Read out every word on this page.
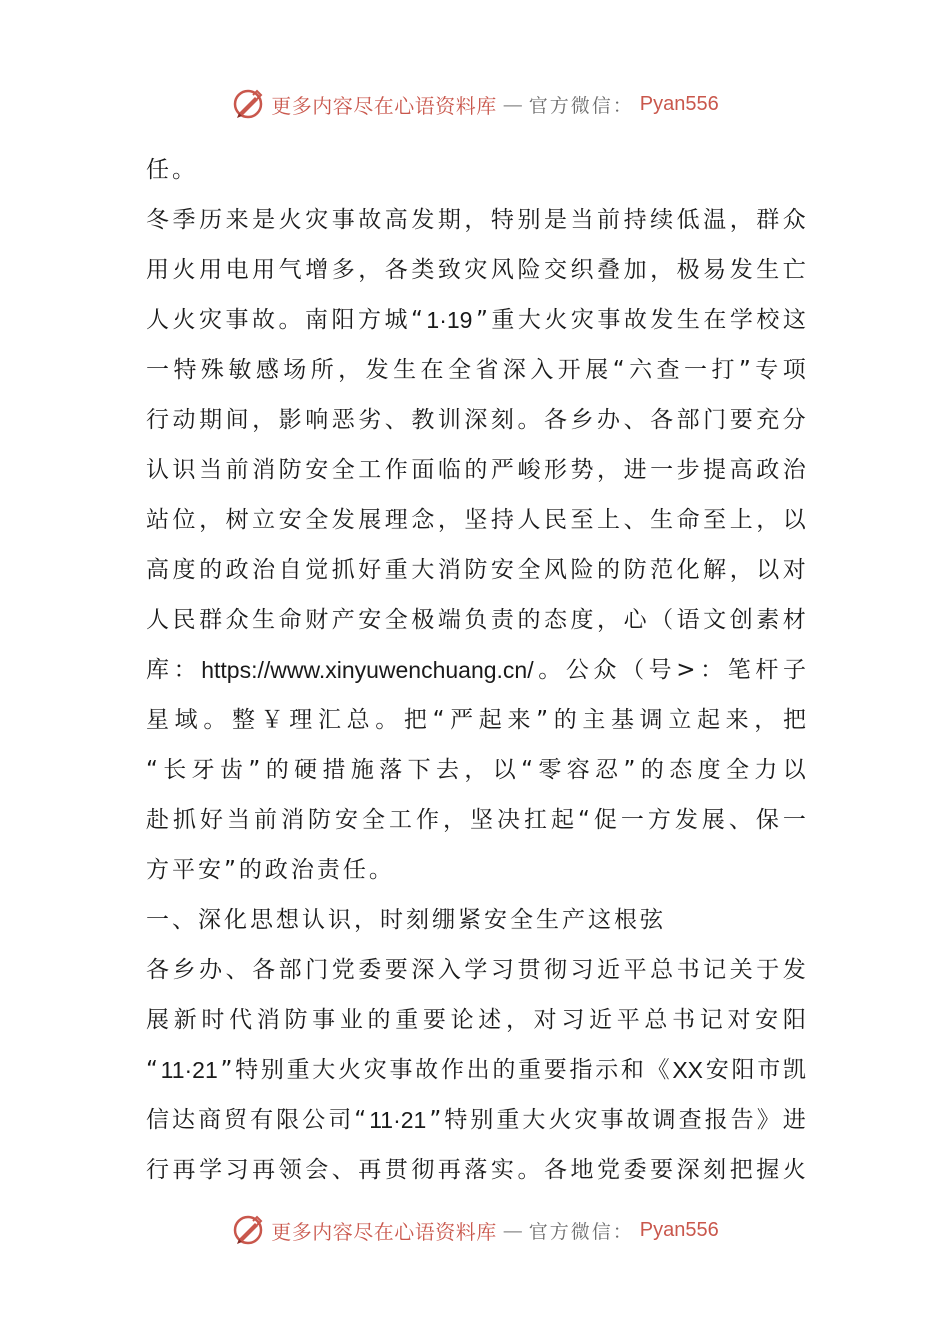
更多内容尽在心语资料库 — 官方微信： Pyan556
任。
冬 季 历 来 是 火 灾 事 故 高 发 期 ， 特 别 是 当 前 持 续 低 温 ， 群 众
用 火 用 电 用 气 增 多 ， 各 类 致 灾 风 险 交 织 叠 加 ， 极 易 发 生 亡
人 火 灾 事 故 。 南 阳 方 城 “ 1·19 ” 重 大 火 灾 事 故 发 生 在 学 校 这
一 特 殊 敏 感 场 所 ， 发 生 在 全 省 深 入 开 展 “ 六 查 一 打 ” 专 项
行 动 期 间 ， 影 响 恶 劣 、 教 训 深 刻 。 各 乡 办 、 各 部 门 要 充 分
认 识 当 前 消 防 安 全 工 作 面 临 的 严 峻 形 势 ， 进 一 步 提 高 政 治
站 位 ， 树 立 安 全 发 展 理 念 ， 坚 持 人 民 至 上 、 生 命 至 上 ， 以
高 度 的 政 治 自 觉 抓 好 重 大 消 防 安 全 风 险 的 防 范 化 解 ， 以 对
人 民 群 众 生 命 财 产 安 全 极 端 负 责 的 态 度 ， 心 （ 语 文 创 素 材
库 ： https://www.xinyuwenchuang.cn/ 。 公 众 （ 号 > ： 笔 杆 子
星 域 。 整 ￥ 理 汇 总 。 把 “ 严 起 来 ” 的 主 基 调 立 起 来 ， 把
“ 长 牙 齿 ” 的 硬 措 施 落 下 去 ， 以 “ 零 容 忍 ” 的 态 度 全 力 以
赴 抓 好 当 前 消 防 安 全 工 作 ， 坚 决 扛 起 “ 促 一 方 发 展 、 保 一
方平安”的政治责任。
一、深化思想认识，时刻绷紧安全生产这根弦
各 乡 办 、 各 部 门 党 委 要 深 入 学 习 贯 彻 习 近 平 总 书 记 关 于 发
展 新 时 代 消 防 事 业 的 重 要 论 述 ， 对 习 近 平 总 书 记 对 安 阳
“ 11·21 ” 特 别 重 大 火 灾 事 故 作 出 的 重 要 指 示 和 《 XX 安 阳 市 凯
信 达 商 贸 有 限 公 司 “ 11·21 ” 特 别 重 大 火 灾 事 故 调 查 报 告 》 进
行 再 学 习 再 领 会 、 再 贯 彻 再 落 实 。 各 地 党 委 要 深 刻 把 握 火
更多内容尽在心语资料库 — 官方微信： Pyan556
